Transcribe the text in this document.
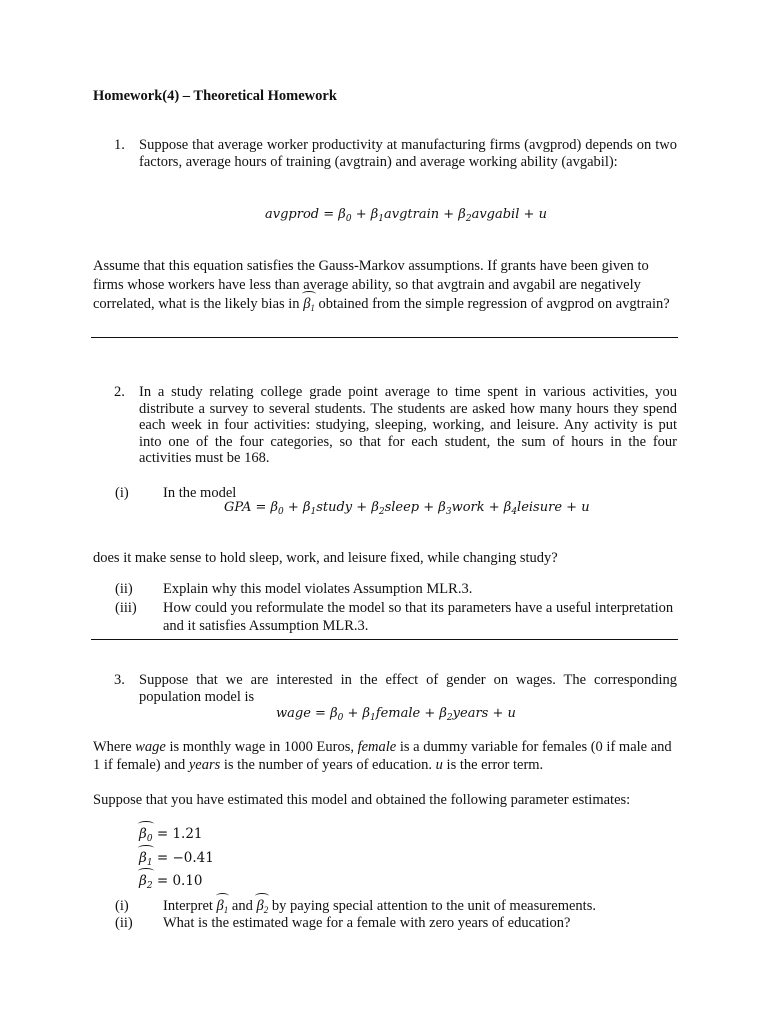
Homework(4) – Theoretical Homework
1. Suppose that average worker productivity at manufacturing firms (avgprod) depends on two factors, average hours of training (avgtrain) and average working ability (avgabil):
avgprod = $\beta_0$ + $\beta_1avgtrain$ + $\beta_2avgabil + u$
Assume that this equation satisfies the Gauss-Markov assumptions. If grants have been given to firms whose workers have less than average ability, so that avgtrain and avgabil are negatively correlated, what is the likely bias in $\beta_1$ obtained from the simple regression of avgprod on avgtrain?
2. In a study relating college grade point average to time spent in various activities, you distribute a survey to several students. The students are asked how many hours they spend each week in four activities: studying, sleeping, working, and leisure. Any activity is put into one of the four categories, so that for each student, the sum of hours in the four activities must be 168.
(i) In the model
GPA = $\beta_0$ + $\beta_1study$ + $\beta_2sleep$ + $\beta_3work$ + $\beta_4leisure + u$
does it make sense to hold sleep, work, and leisure fixed, while changing study?
(ii) Explain why this model violates Assumption MLR.3.
(iii) How could you reformulate the model so that its parameters have a useful interpretation and it satisfies Assumption MLR.3.
3. Suppose that we are interested in the effect of gender on wages. The corresponding population model is
wage = $\beta_0$ + $\beta_1female$ + $\beta_2years + u$
Where wage is monthly wage in 1000 Euros, female is a dummy variable for females (0 if male and 1 if female) and years is the number of years of education. u is the error term.
Suppose that you have estimated this model and obtained the following parameter estimates:
$\beta_0 = 1.21$
$\beta_1 = -0.41$
$\beta_2 = 0.10$
(i) Interpret $\beta_1$ and $\beta_2$ by paying special attention to the unit of measurements.
(ii) What is the estimated wage for a female with zero years of education?
